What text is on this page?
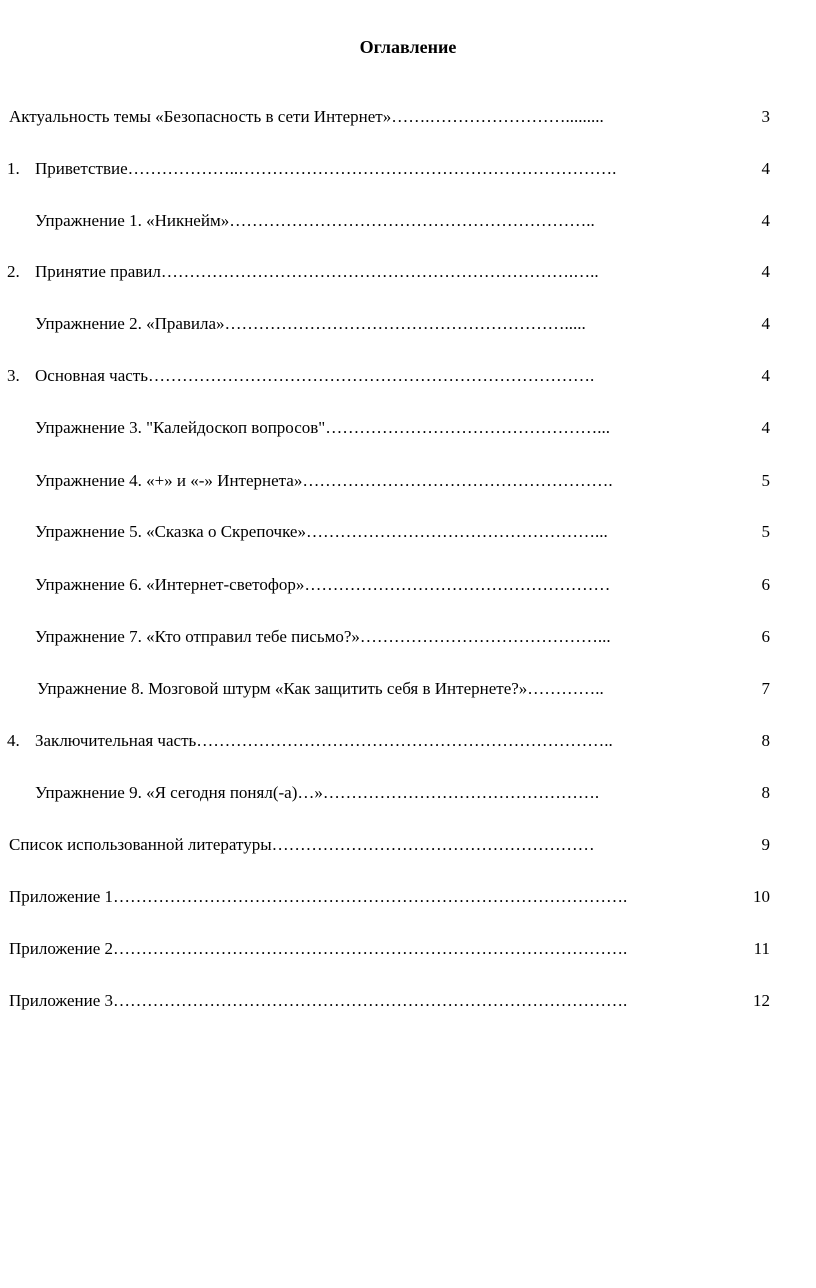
Оглавление
Актуальность темы «Безопасность в сети Интернет»…….…………………….........	3
1. Приветствие………………..………………………………………………………….	4
Упражнение 1. «Никнейм»………………………………………………………..	4
2. Принятие правил……………………………………………………………….…..	4
Упражнение 2. «Правила»…………………………………………………….....	4
3. Основная часть…………………………………………………………………….	4
Упражнение 3. "Калейдоскоп вопросов"…………………………………………...	4
Упражнение 4. «+» и «-» Интернета»……………………………………………….	5
Упражнение 5. «Сказка о Скрепочке»……………………………………………...	5
Упражнение 6. «Интернет-светофор»………………………………………………	6
Упражнение 7. «Кто отправил тебе письмо?»……………………………………...	6
Упражнение 8. Мозговой штурм «Как защитить себя в Интернете?»…………..	7
4. Заключительная часть………………………………………………………………..	8
Упражнение 9. «Я сегодня понял(-а)…»………………………………………….	8
Список использованной литературы…………………………………………………	9
Приложение 1……………………………………………………………………………….	10
Приложение 2……………………………………………………………………………….	11
Приложение 3……………………………………………………………………………….	12
